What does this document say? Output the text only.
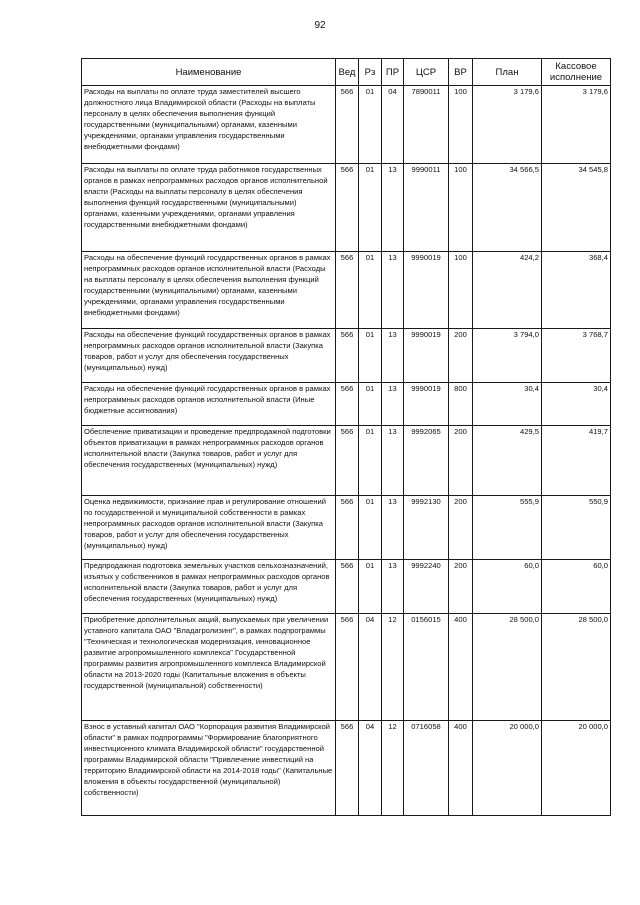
92
Наименование	Вед	Рз	ПР	ЦСР	ВР	План	Кассовое исполнение
Расходы на выплаты по оплате труда заместителей высшего должностного лица Владимирской области (Расходы на выплаты персоналу в целях обеспечения выполнения функций государственными (муниципальными) органами, казенными учреждениями, органами управления государственными внебюджетными фондами)	566	01	04	7890011	100	3 179,6	3 179,6
Расходы на выплаты по оплате труда работников государственных органов в рамках непрограммных расходов органов исполнительной власти (Расходы на выплаты персоналу в целях обеспечения выполнения функций государственными (муниципальными) органами, казенными учреждениями, органами управления государственными внебюджетными фондами)	566	01	13	9990011	100	34 566,5	34 545,8
Расходы на обеспечение функций государственных органов в рамках непрограммных расходов органов исполнительной власти (Расходы на выплаты персоналу в целях обеспечения выполнения функций государственными (муниципальными) органами, казенными учреждениями, органами управления государственными внебюджетными фондами)	566	01	13	9990019	100	424,2	368,4
Расходы на обеспечение функций государственных органов в рамках непрограммных расходов органов исполнительной власти (Закупка товаров, работ и услуг для обеспечения государственных (муниципальных) нужд)	566	01	13	9990019	200	3 794,0	3 768,7
Расходы на обеспечение функций государственных органов в рамках непрограммных расходов органов исполнительной власти (Иные бюджетные ассигнования)	566	01	13	9990019	800	30,4	30,4
Обеспечение приватизации и проведение предпродажной подготовки объектов приватизации в рамках непрограммных расходов органов исполнительной власти (Закупка товаров, работ и услуг для обеспечения государственных (муниципальных) нужд)	566	01	13	9992065	200	429,5	419,7
Оценка недвижимости, признание прав и регулирование отношений по государственной и муниципальной собственности в рамках непрограммных расходов органов исполнительной власти (Закупка товаров, работ и услуг для обеспечения государственных (муниципальных) нужд)	566	01	13	9992130	200	555,9	550,9
Предпродажная подготовка земельных участков сельхозназначений, изъятых у собственников в рамках непрограммных расходов органов исполнительной власти (Закупка товаров, работ и услуг для обеспечения государственных (муниципальных) нужд)	566	01	13	9992240	200	60,0	60,0
Приобретение дополнительных акций, выпускаемых при увеличении уставного капитала ОАО "Владагролизинг", в рамках подпрограммы "Техническая и технологическая модернизация, инновационное развитие агропромышленного комплекса" Государственной программы развития агропромышленного комплекса Владимирской области на 2013-2020 годы (Капитальные вложения в объекты государственной (муниципальной) собственности)	566	04	12	0156015	400	28 500,0	28 500,0
Взнос в уставный капитал ОАО "Корпорация развития Владимирской области" в рамках подпрограммы "Формирование благоприятного инвестиционного климата Владимирской области" государственной программы Владимирской области "Привлечение инвестиций на территорию Владимирской области на 2014-2018 годы" (Капитальные вложения в объекты государственной (муниципальной) собственности)	566	04	12	0716058	400	20 000,0	20 000,0
